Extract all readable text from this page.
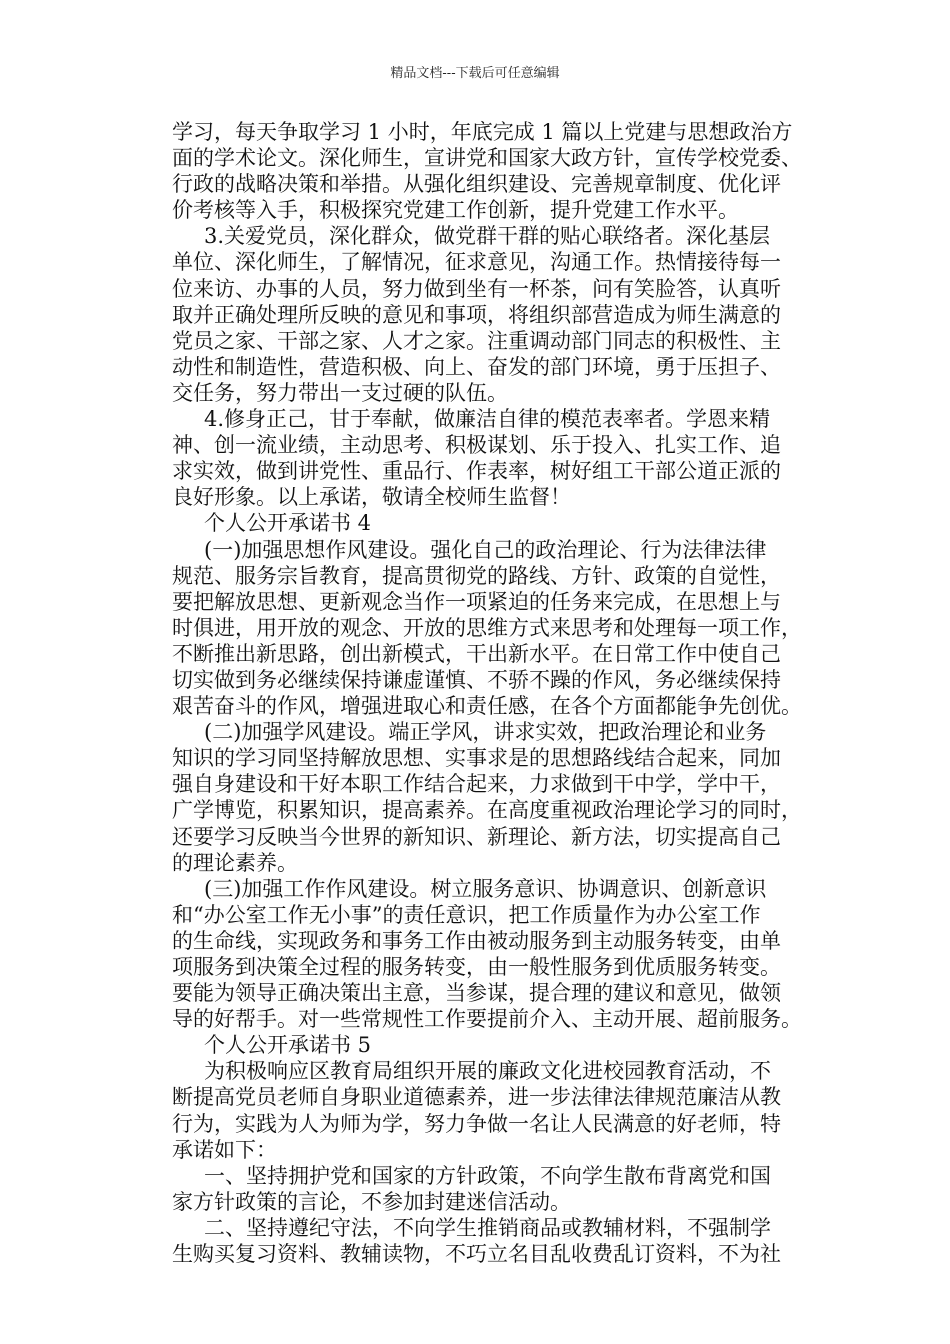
精品文档---下载后可任意编辑
学习，每天争取学习 1 小时，年底完成 1 篇以上党建与思想政治方
面的学术论文。深化师生，宣讲党和国家大政方针，宣传学校党委、
行政的战略决策和举措。从强化组织建设、完善规章制度、优化评
价考核等入手，积极探究党建工作创新，提升党建工作水平。
3.关爱党员，深化群众，做党群干群的贴心联络者。深化基层
单位、深化师生，了解情况，征求意见，沟通工作。热情接待每一
位来访、办事的人员，努力做到坐有一杯茶，问有笑脸答，认真听
取并正确处理所反映的意见和事项，将组织部营造成为师生满意的
党员之家、干部之家、人才之家。注重调动部门同志的积极性、主
动性和制造性，营造积极、向上、奋发的部门环境，勇于压担子、
交任务，努力带出一支过硬的队伍。
4.修身正己，甘于奉献，做廉洁自律的模范表率者。学恩来精
神、创一流业绩，主动思考、积极谋划、乐于投入、扎实工作、追
求实效，做到讲党性、重品行、作表率，树好组工干部公道正派的
良好形象。以上承诺，敬请全校师生监督！
个人公开承诺书 4
(一)加强思想作风建设。强化自己的政治理论、行为法律法律
规范、服务宗旨教育，提高贯彻党的路线、方针、政策的自觉性，
要把解放思想、更新观念当作一项紧迫的任务来完成，在思想上与
时俱进，用开放的观念、开放的思维方式来思考和处理每一项工作，
不断推出新思路，创出新模式，干出新水平。在日常工作中使自己
切实做到务必继续保持谦虚谨慎、不骄不躁的作风，务必继续保持
艰苦奋斗的作风，增强进取心和责任感，在各个方面都能争先创优。
(二)加强学风建设。端正学风，讲求实效，把政治理论和业务
知识的学习同坚持解放思想、实事求是的思想路线结合起来，同加
强自身建设和干好本职工作结合起来，力求做到干中学，学中干，
广学博览，积累知识，提高素养。在高度重视政治理论学习的同时，
还要学习反映当今世界的新知识、新理论、新方法，切实提高自己
的理论素养。
(三)加强工作作风建设。树立服务意识、协调意识、创新意识
和“办公室工作无小事”的责任意识，把工作质量作为办公室工作
的生命线，实现政务和事务工作由被动服务到主动服务转变，由单
项服务到决策全过程的服务转变，由一般性服务到优质服务转变。
要能为领导正确决策出主意，当参谋，提合理的建议和意见，做领
导的好帮手。对一些常规性工作要提前介入、主动开展、超前服务。
个人公开承诺书 5
为积极响应区教育局组织开展的廉政文化进校园教育活动，不
断提高党员老师自身职业道德素养，进一步法律法律规范廉洁从教
行为，实践为人为师为学，努力争做一名让人民满意的好老师，特
承诺如下：
一、坚持拥护党和国家的方针政策，不向学生散布背离党和国
家方针政策的言论，不参加封建迷信活动。
二、坚持遵纪守法，不向学生推销商品或教辅材料，不强制学
生购买复习资料、教辅读物，不巧立名目乱收费乱订资料，不为社
